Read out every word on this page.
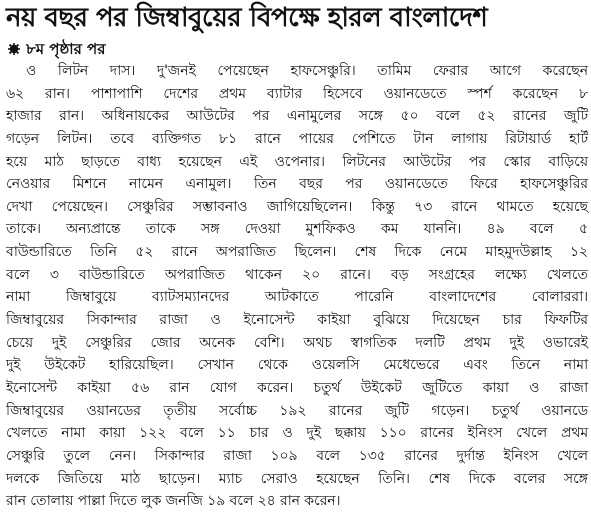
নয় বছর পর জিম্বাবুয়ের বিপক্ষে হারল বাংলাদেশ
৮ম পৃষ্ঠার পর
ও লিটন দাস। দু'জনই পেয়েছেন হাফসেঞ্চুরি। তামিম ফেরার আগে করেছেন
৬২ রান। পাশাপাশি দেশের প্রথম ব্যাটার হিসেবে ওয়ানডেতে স্পর্শ করেছেন ৮
হাজার রান। অধিনায়কের আউটের পর এনামুলের সঙ্গে ৫০ বলে ৫২ রানের জুটি
গড়েন লিটন। তবে ব্যক্তিগত ৮১ রানে পায়ের পেশিতে টান লাগায় রিটায়ার্ড হার্ট
হয়ে মাঠ ছাড়তে বাধ্য হয়েছেন এই ওপেনার। লিটনের আউটের পর স্কোর বাড়িয়ে
নেওয়ার মিশনে নামেন এনামুল। তিন বছর পর ওয়ানডেতে ফিরে হাফসেঞ্চুরির
দেখা পেয়েছেন। সেঞ্চুরির সম্ভাবনাও জাগিয়েছিলেন। কিন্তু ৭৩ রানে থামতে হয়েছে
তাকে। অন্যপ্রান্তে তাকে সঙ্গ দেওয়া মুশফিকও কম যাননি। ৪৯ বলে ৫
বাউন্ডারিতে তিনি ৫২ রানে অপরাজিত ছিলেন। শেষ দিকে নেমে মাহমুদউল্লাহ ১২
বলে ৩ বাউন্ডারিতে অপরাজিত থাকেন ২০ রানে। বড় সংগ্রহের লক্ষ্যে খেলতে
নামা জিম্বাবুয়ে ব্যাটসম্যানদের আটকাতে পারেনি বাংলাদেশের বোলাররা।
জিম্বাবুয়ের সিকান্দার রাজা ও ইনোসেন্ট কাইয়া বুঝিয়ে দিয়েছেন চার ফিফটির
চেয়ে দুই সেঞ্চুরির জোর অনেক বেশি। অথচ স্বাগতিক দলটি প্রথম দুই ওভারেই
দুই উইকেট হারিয়েছিল। সেখান থেকে ওয়েলসি মেধেভেরে এবং তিনে নামা
ইনোসেন্ট কাইয়া ৫৬ রান যোগ করেন। চতুর্থ উইকেট জুটিতে কায়া ও রাজা
জিম্বাবুয়ের ওয়ানডের তৃতীয় সর্বোচ্চ ১৯২ রানের জুটি গড়েন। চতুর্থ ওয়ানডে
খেলতে নামা কায়া ১২২ বলে ১১ চার ও দুই ছক্কায় ১১০ রানের ইনিংস খেলে প্রথম
সেঞ্চুরি তুলে নেন। সিকান্দার রাজা ১০৯ বলে ১৩৫ রানের দুর্দান্ত ইনিংস খেলে
দলকে জিতিয়ে মাঠ ছাড়েন। ম্যাচ সেরাও হয়েছেন তিনি। শেষ দিকে বলের সঙ্গে
রান তোলায় পাল্লা দিতে লুক জনজি ১৯ বলে ২৪ রান করেন।
